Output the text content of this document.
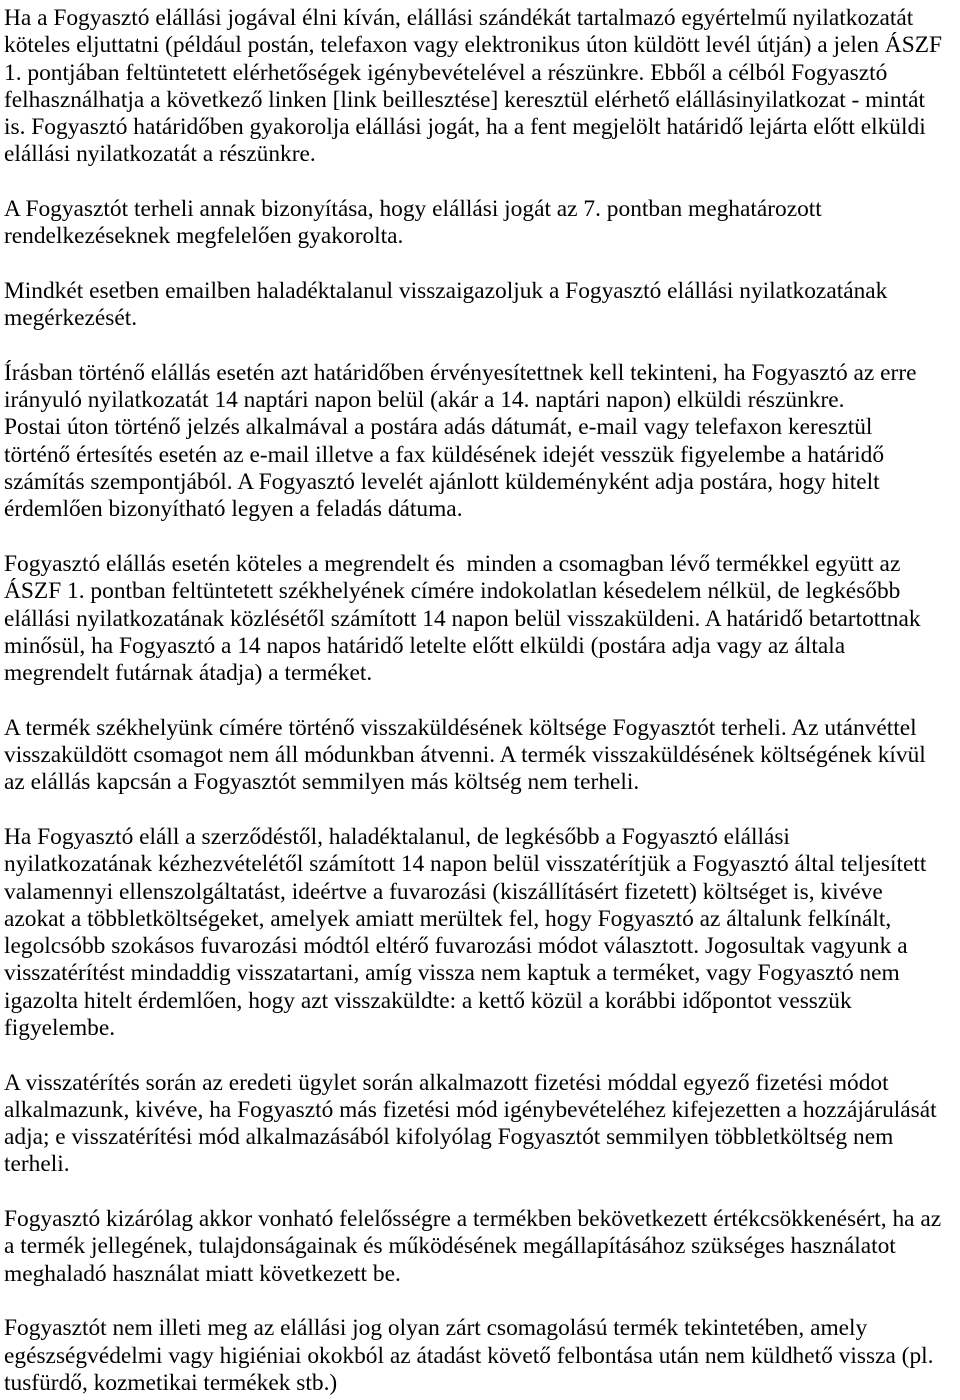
Ha a Fogyasztó elállási jogával élni kíván, elállási szándékát tartalmazó egyértelmű nyilatkozatát
köteles eljuttatni (például postán, telefaxon vagy elektronikus úton küldött levél útján) a jelen ÁSZF
1. pontjában feltüntetett elérhetőségek igénybevételével a részünkre. Ebből a célból Fogyasztó
felhasználhatja a következő linken [link beillesztése] keresztül elérhető elállásinyilatkozat - mintát
is. Fogyasztó határidőben gyakorolja elállási jogát, ha a fent megjelölt határidő lejárta előtt elküldi
elállási nyilatkozatát a részünkre.
A Fogyasztót terheli annak bizonyítása, hogy elállási jogát az 7. pontban meghatározott
rendelkezéseknek megfelelően gyakorolta.
Mindkét esetben emailben haladéktalanul visszaigazoljuk a Fogyasztó elállási nyilatkozatának
megérkezését.
Írásban történő elállás esetén azt határidőben érvényesítettnek kell tekinteni, ha Fogyasztó az erre
irányuló nyilatkozatát 14 naptári napon belül (akár a 14. naptári napon) elküldi részünkre.
Postai úton történő jelzés alkalmával a postára adás dátumát, e-mail vagy telefaxon keresztül
történő értesítés esetén az e-mail illetve a fax küldésének idejét vesszük figyelembe a határidő
számítás szempontjából. A Fogyasztó levelét ajánlott küldeményként adja postára, hogy hitelt
érdemlően bizonyítható legyen a feladás dátuma.
Fogyasztó elállás esetén köteles a megrendelt és  minden a csomagban lévő termékkel együtt az
ÁSZF 1. pontban feltüntetett székhelyének címére indokolatlan késedelem nélkül, de legkésőbb
elállási nyilatkozatának közlésétől számított 14 napon belül visszaküldeni. A határidő betartottnak
minősül, ha Fogyasztó a 14 napos határidő letelte előtt elküldi (postára adja vagy az általa
megrendelt futárnak átadja) a terméket.
A termék székhelyünk címére történő visszaküldésének költsége Fogyasztót terheli. Az utánvéttel
visszaküldött csomagot nem áll módunkban átvenni. A termék visszaküldésének költségének kívül
az elállás kapcsán a Fogyasztót semmilyen más költség nem terheli.
Ha Fogyasztó eláll a szerződéstől, haladéktalanul, de legkésőbb a Fogyasztó elállási
nyilatkozatának kézhezvételétől számított 14 napon belül visszatérítjük a Fogyasztó által teljesített
valamennyi ellenszolgáltatást, ideértve a fuvarozási (kiszállításért fizetett) költséget is, kivéve
azokat a többletköltségeket, amelyek amiatt merültek fel, hogy Fogyasztó az általunk felkínált,
legolcsóbb szokásos fuvarozási módtól eltérő fuvarozási módot választott. Jogosultak vagyunk a
visszatérítést mindaddig visszatartani, amíg vissza nem kaptuk a terméket, vagy Fogyasztó nem
igazolta hitelt érdemlően, hogy azt visszaküldte: a kettő közül a korábbi időpontot vesszük
figyelembe.
A visszatérítés során az eredeti ügylet során alkalmazott fizetési móddal egyező fizetési módot
alkalmazunk, kivéve, ha Fogyasztó más fizetési mód igénybevételéhez kifejezetten a hozzájárulását
adja; e visszatérítési mód alkalmazásából kifolyólag Fogyasztót semmilyen többletköltség nem
terheli.
Fogyasztó kizárólag akkor vonható felelősségre a termékben bekövetkezett értékcsökkenésért, ha az
a termék jellegének, tulajdonságainak és működésének megállapításához szükséges használatot
meghaladó használat miatt következett be.
Fogyasztót nem illeti meg az elállási jog olyan zárt csomagolású termék tekintetében, amely
egészségvédelmi vagy higiéniai okokból az átadást követő felbontása után nem küldhető vissza (pl.
tusfürdő, kozmetikai termékek stb.)
